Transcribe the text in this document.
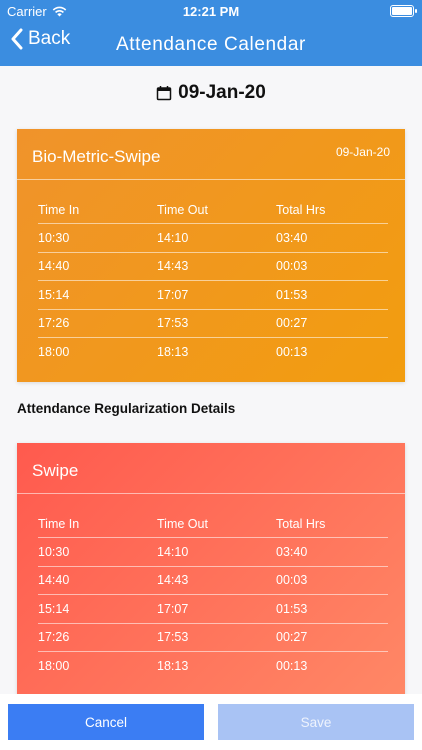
Carrier	12:21 PM
Back	Attendance Calendar
09-Jan-20
Bio-Metric-Swipe	09-Jan-20
Time In	Time Out	Total Hrs
10:30	14:10	03:40
14:40	14:43	00:03
15:14	17:07	01:53
17:26	17:53	00:27
18:00	18:13	00:13
Attendance Regularization Details
Swipe
Time In	Time Out	Total Hrs
10:30	14:10	03:40
14:40	14:43	00:03
15:14	17:07	01:53
17:26	17:53	00:27
18:00	18:13	00:13
Cancel	Save
